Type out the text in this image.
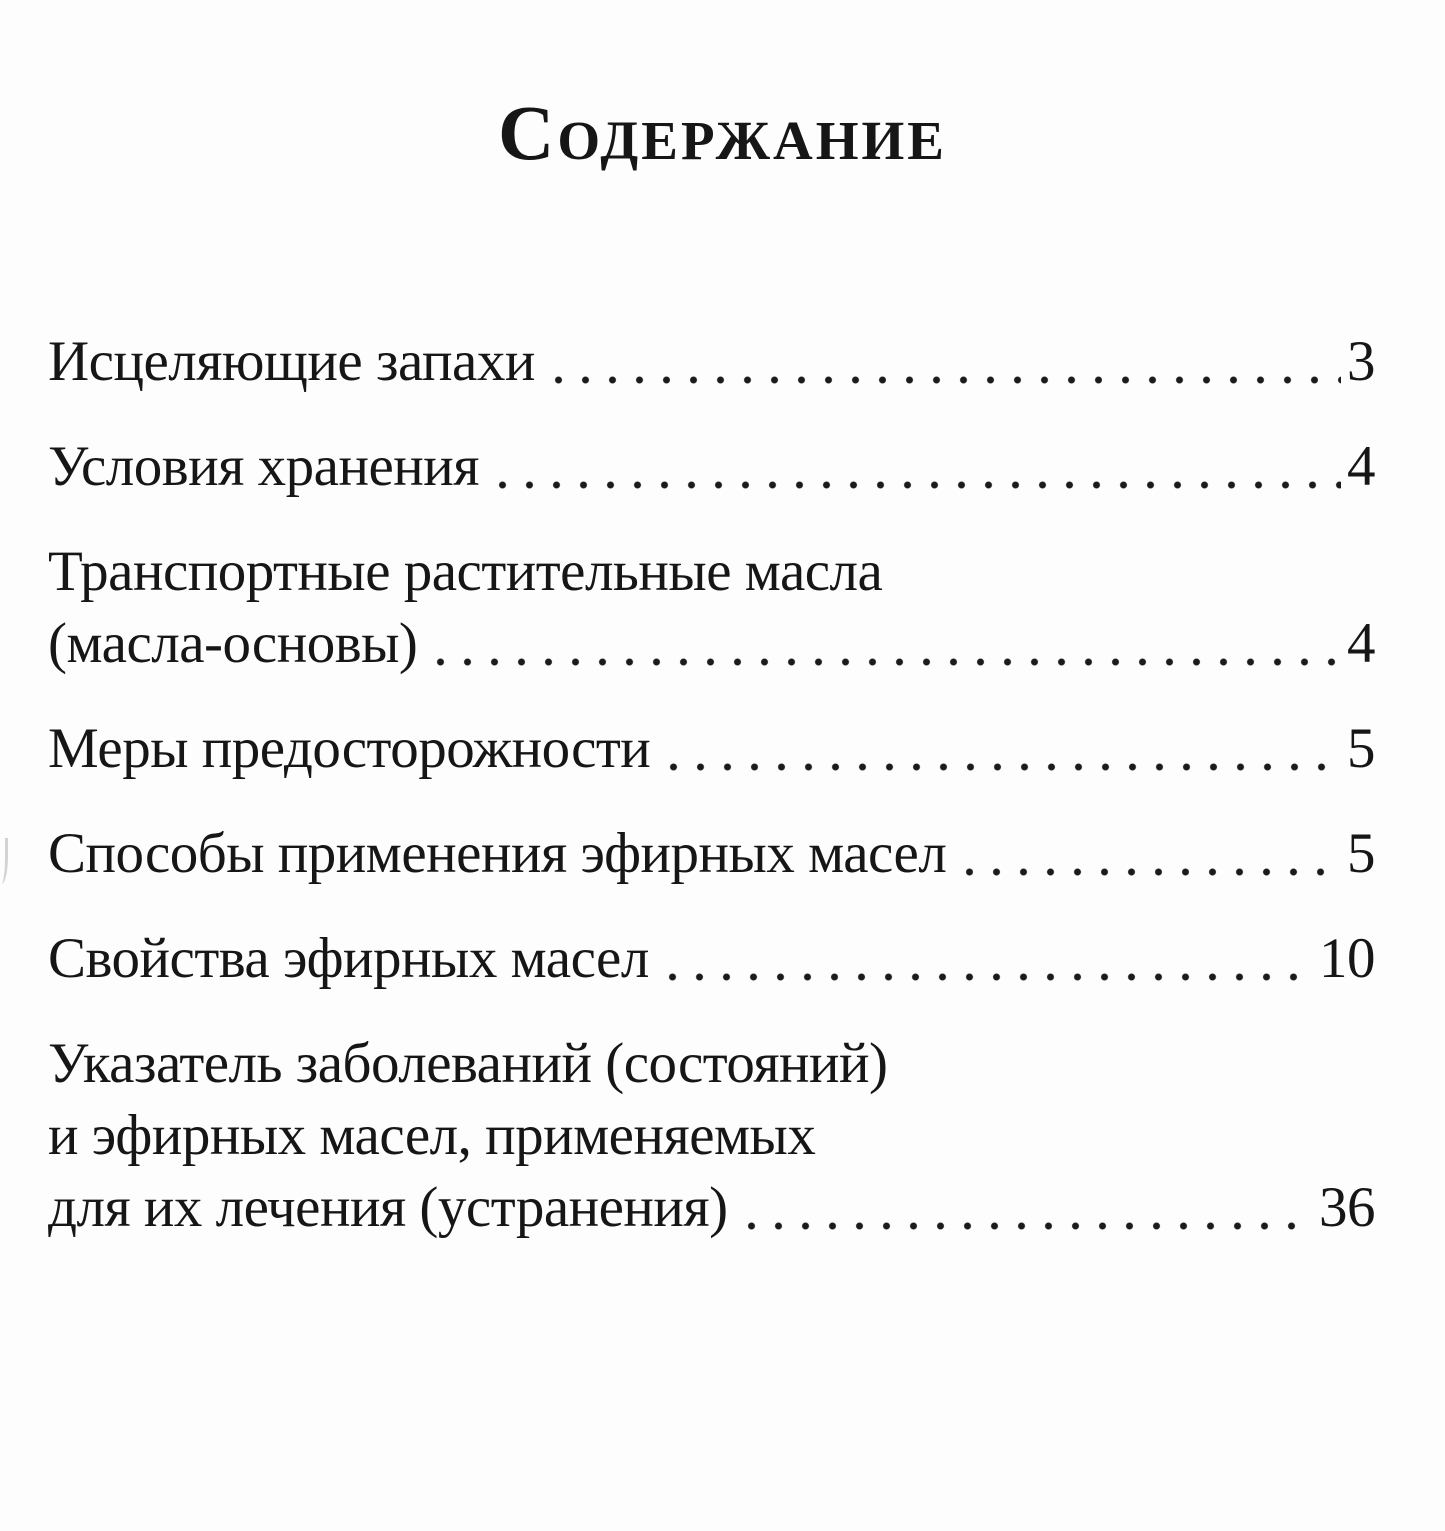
Содержание
Исцеляющие запахи	3
Условия хранения	4
Транспортные растительные масла
(масла-основы)	4
Меры предосторожности	5
Способы применения эфирных масел	5
Свойства эфирных масел	10
Указатель заболеваний (состояний)
и эфирных масел, применяемых
для их лечения (устранения)	36
